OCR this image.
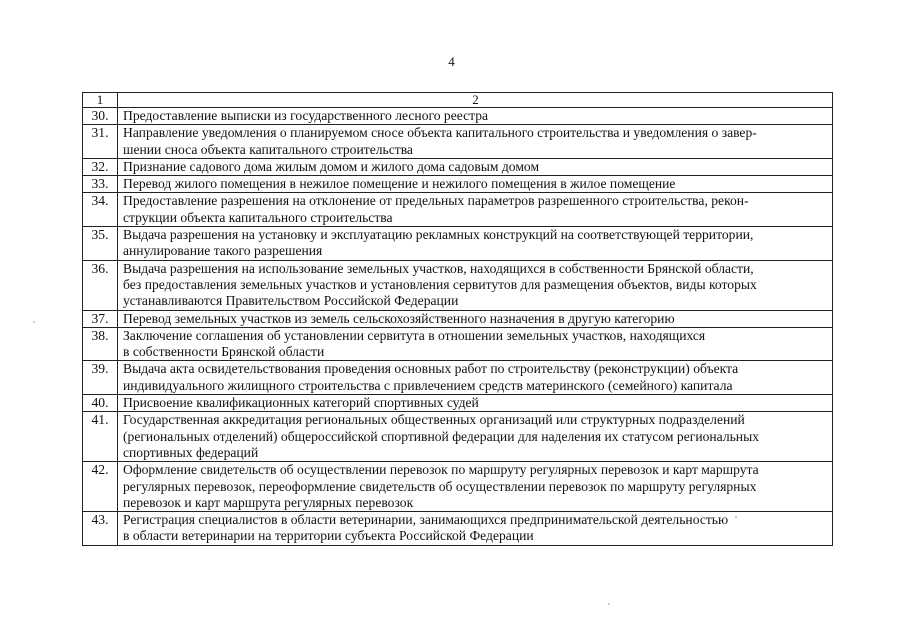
4
1	2
30.	Предоставление выписки из государственного лесного реестра

31.	Направление уведомления о планируемом сносе объекта капитального строительства и уведомления о завер-
шении сноса объекта капитального строительства

32.	Признание садового дома жилым домом и жилого дома садовым домом

33.	Перевод жилого помещения в нежилое помещение и нежилого помещения в жилое помещение

34.	Предоставление разрешения на отклонение от предельных параметров разрешенного строительства, рекон-
струкции объекта капитального строительства

35.	Выдача разрешения на установку и эксплуатацию рекламных конструкций на соответствующей территории,
аннулирование такого разрешения

36.	Выдача разрешения на использование земельных участков, находящихся в собственности Брянской области,
без предоставления земельных участков и установления сервитутов для размещения объектов, виды которых
устанавливаются Правительством Российской Федерации

37.	Перевод земельных участков из земель сельскохозяйственного назначения в другую категорию

38.	Заключение соглашения об установлении сервитута в отношении земельных участков, находящихся
в собственности Брянской области

39.	Выдача акта освидетельствования проведения основных работ по строительству (реконструкции) объекта
индивидуального жилищного строительства с привлечением средств материнского (семейного) капитала

40.	Присвоение квалификационных категорий спортивных судей

41.	Государственная аккредитация региональных общественных организаций или структурных подразделений
(региональных отделений) общероссийской спортивной федерации для наделения их статусом региональных
спортивных федераций

42.	Оформление свидетельств об осуществлении перевозок по маршруту регулярных перевозок и карт маршрута
регулярных перевозок, переоформление свидетельств об осуществлении перевозок по маршруту регулярных
перевозок и карт маршрута регулярных перевозок

43.	Регистрация специалистов в области ветеринарии, занимающихся предпринимательской деятельностью
в области ветеринарии на территории субъекта Российской Федерации
